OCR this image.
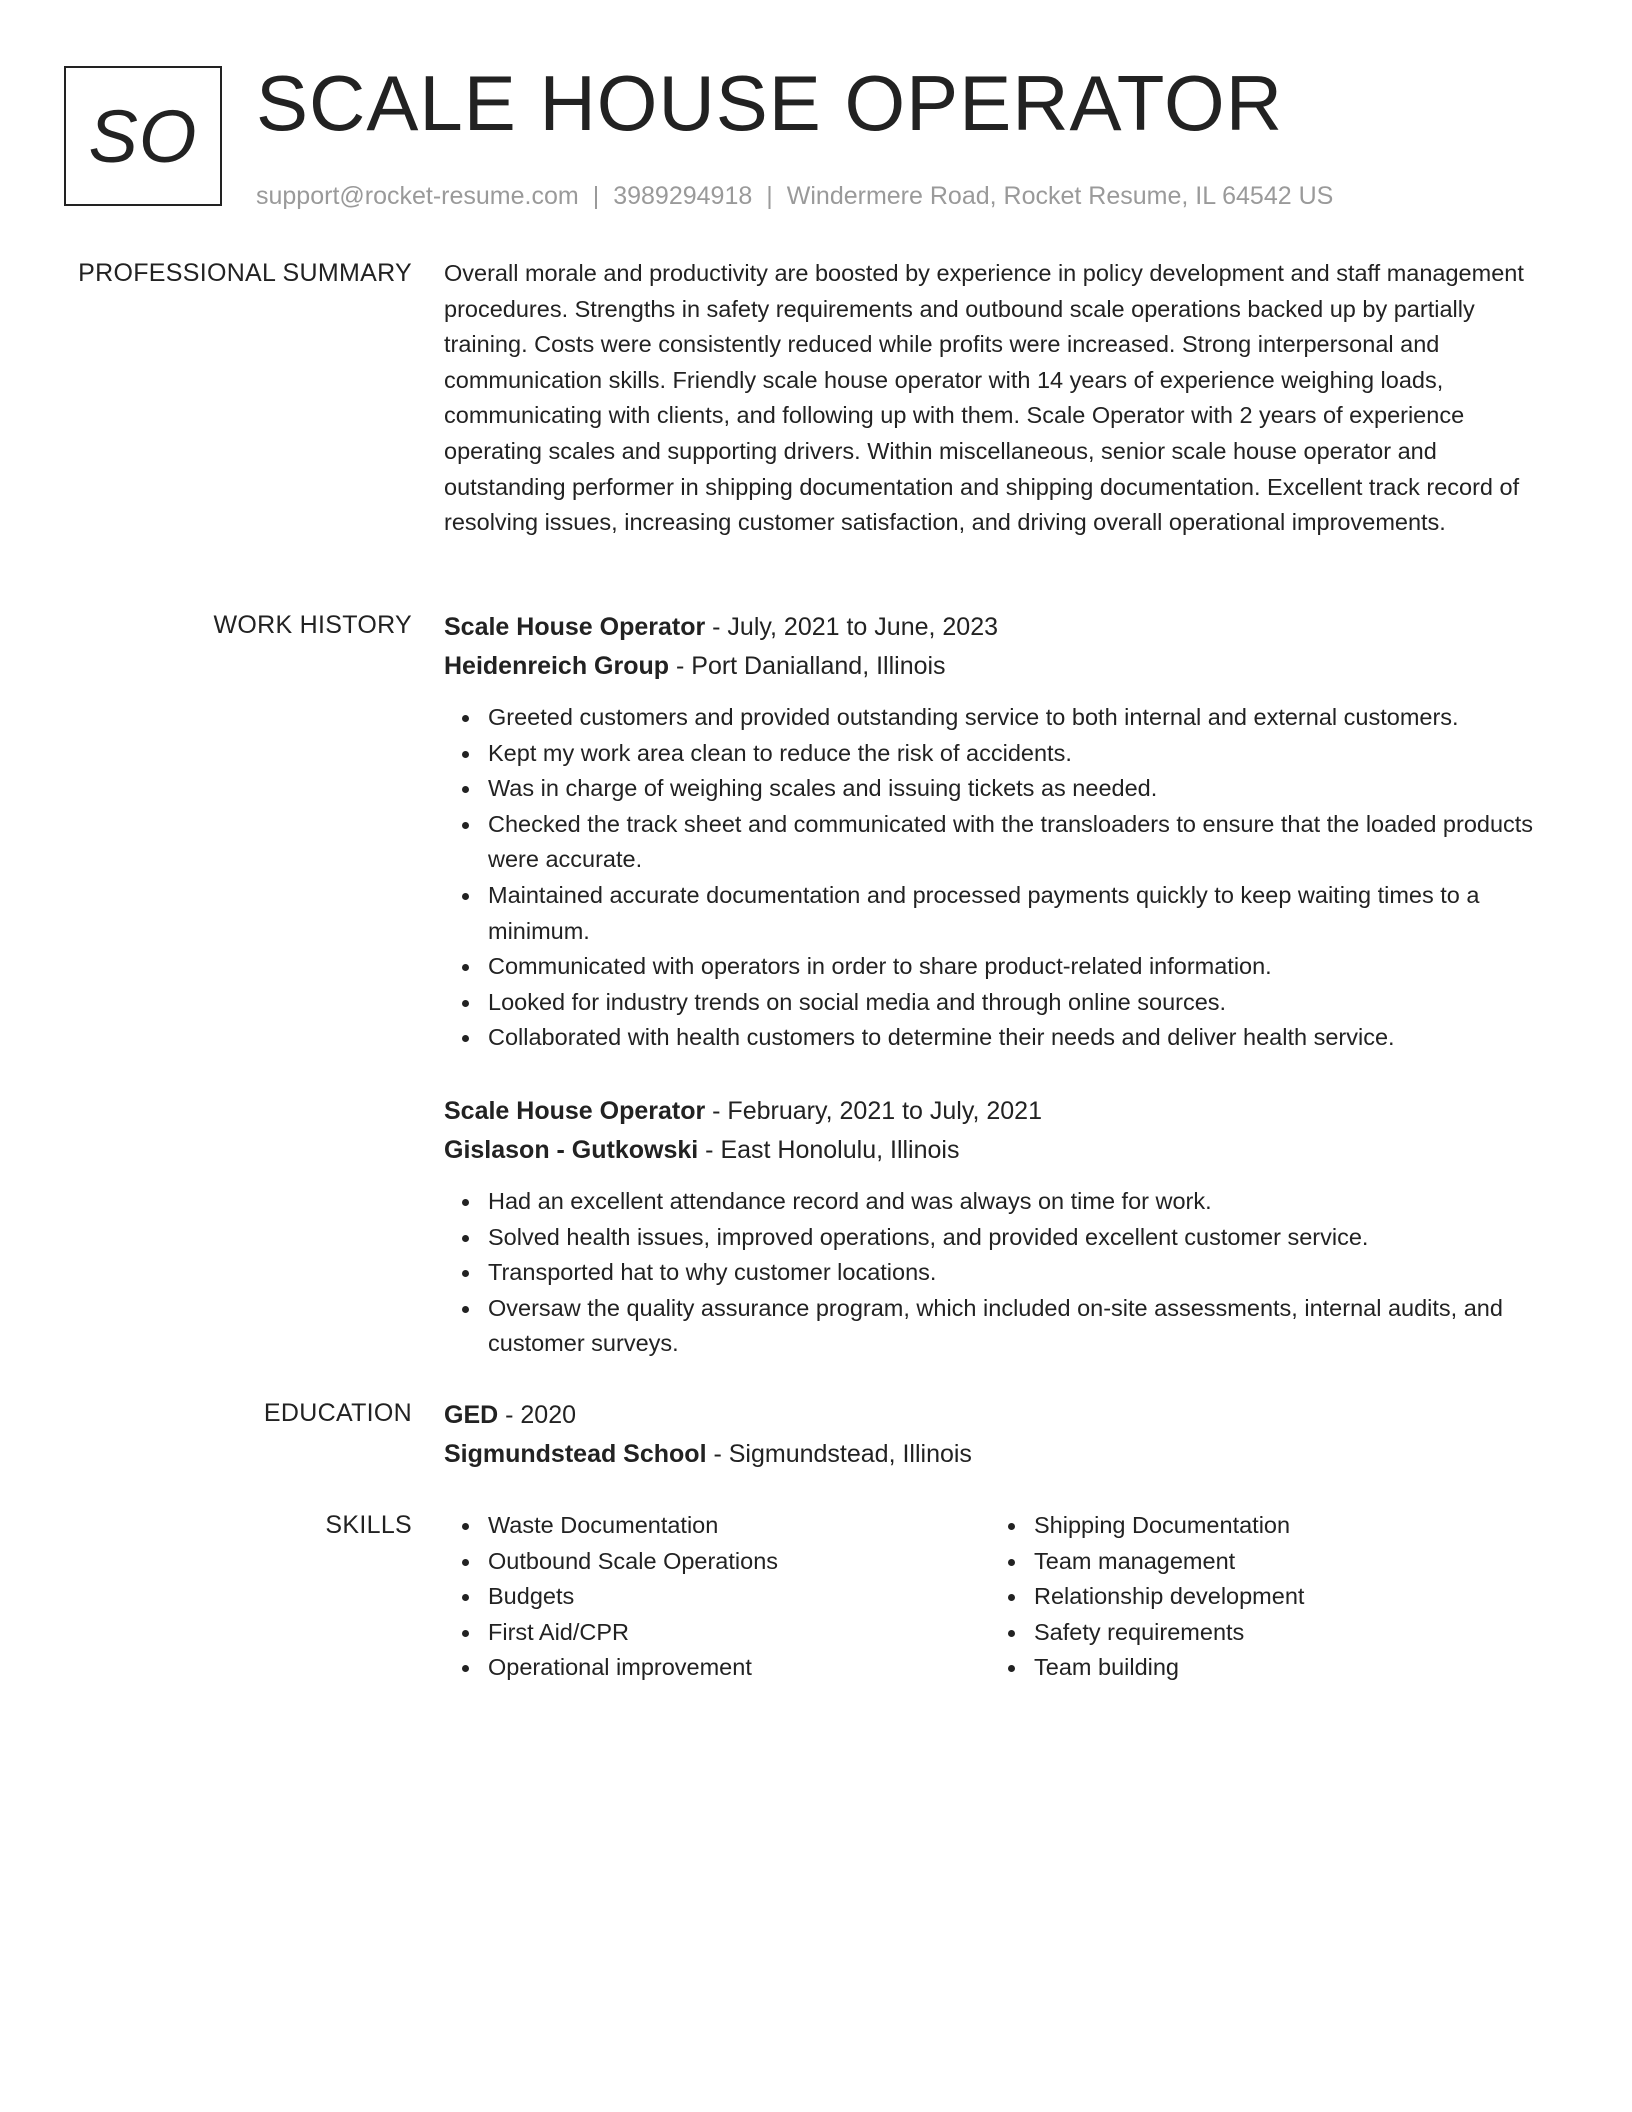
SO SCALE HOUSE OPERATOR
support@rocket-resume.com | 3989294918 | Windermere Road, Rocket Resume, IL 64542 US
PROFESSIONAL SUMMARY Overall morale and productivity are boosted by experience in policy development and staff management procedures. Strengths in safety requirements and outbound scale operations backed up by partially training. Costs were consistently reduced while profits were increased. Strong interpersonal and communication skills. Friendly scale house operator with 14 years of experience weighing loads, communicating with clients, and following up with them. Scale Operator with 2 years of experience operating scales and supporting drivers. Within miscellaneous, senior scale house operator and outstanding performer in shipping documentation and shipping documentation. Excellent track record of resolving issues, increasing customer satisfaction, and driving overall operational improvements.

WORK HISTORY Scale House Operator - July, 2021 to June, 2023
Heidenreich Group - Port Danialland, Illinois
Greeted customers and provided outstanding service to both internal and external customers.
Kept my work area clean to reduce the risk of accidents.
Was in charge of weighing scales and issuing tickets as needed.
Checked the track sheet and communicated with the transloaders to ensure that the loaded products were accurate.
Maintained accurate documentation and processed payments quickly to keep waiting times to a minimum.
Communicated with operators in order to share product-related information.
Looked for industry trends on social media and through online sources.
Collaborated with health customers to determine their needs and deliver health service.
Scale House Operator - February, 2021 to July, 2021
Gislason - Gutkowski - East Honolulu, Illinois
Had an excellent attendance record and was always on time for work.
Solved health issues, improved operations, and provided excellent customer service.
Transported hat to why customer locations.
Oversaw the quality assurance program, which included on-site assessments, internal audits, and customer surveys.
EDUCATION GED - 2020
Sigmundstead School - Sigmundstead, Illinois
SKILLS	Waste Documentation
Outbound Scale Operations
Budgets
First Aid/CPR
Operational improvement
Shipping Documentation
Team management
Relationship development
Safety requirements
Team building
